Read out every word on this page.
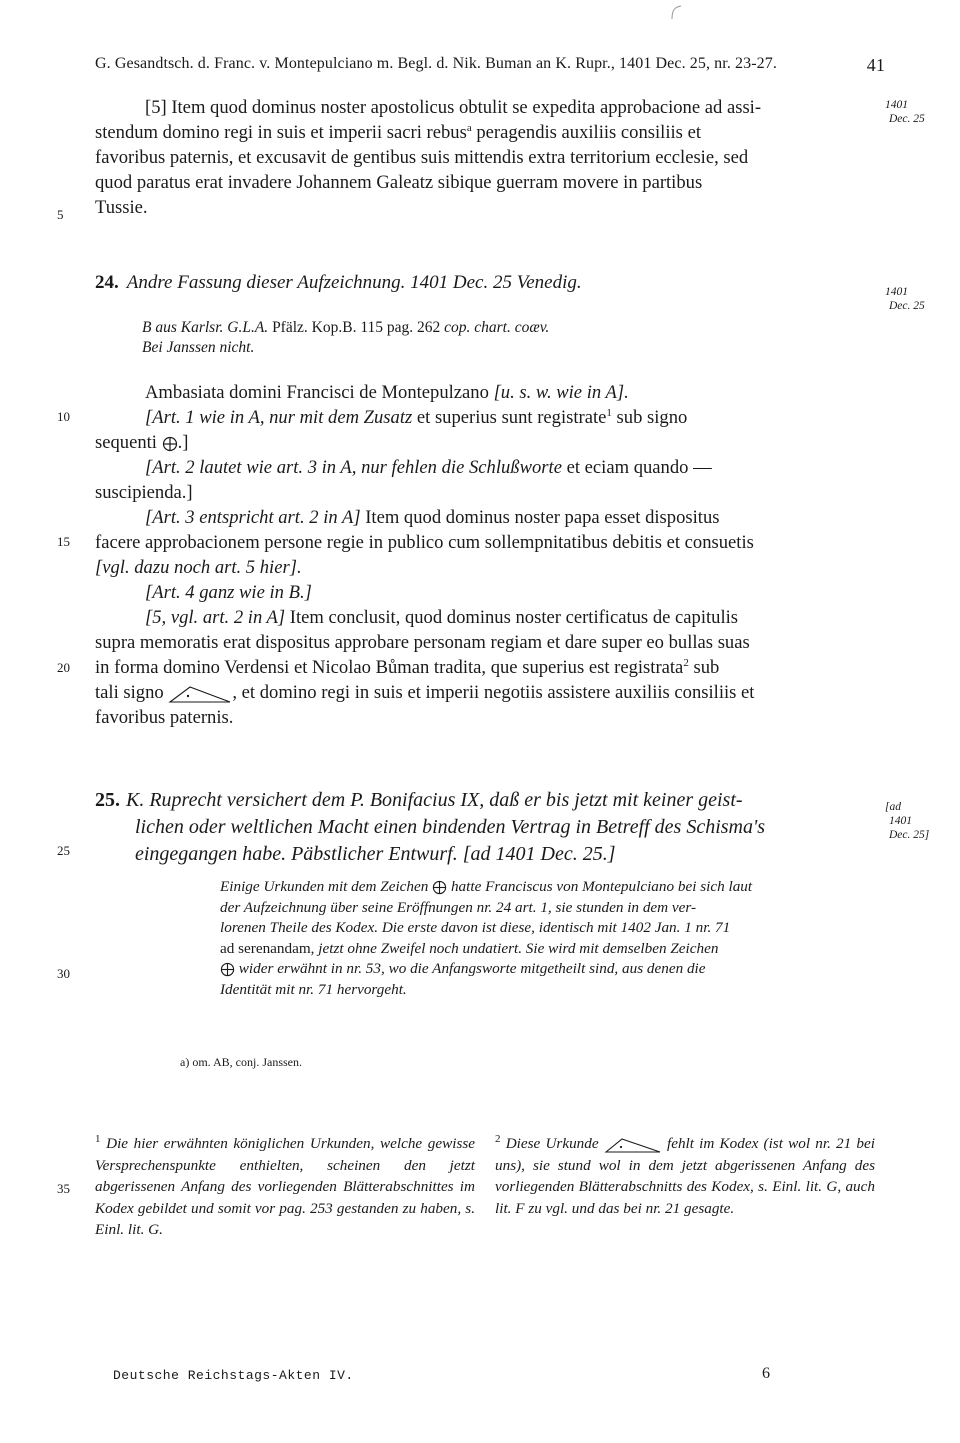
G. Gesandtsch. d. Franc. v. Montepulciano m. Begl. d. Nik. Buman an K. Rupr., 1401 Dec. 25, nr. 23-27.	41

[5] Item quod dominus noster apostolicus obtulit se expedita approbacione ad assi-

stendum domino regi in suis et imperii sacri rebus$^a$ peragendis auxiliis consiliis et

favoribus paternis, et excusavit de gentibus suis mittendis extra territorium ecclesie, sed

quod paratus erat invadere Johannem Galeatz sibique guerram movere in partibus

Tussie.

1401
Dec. 25
24. Andre Fassung dieser Aufzeichnung. 1401 Dec. 25 Venedig.	1401
Dec. 25
B aus Karlsr. G.L.A. Pfälz. Kop.B. 115 pag. 262 cop. chart. coæv.
Bei Janssen nicht.

Ambasiata domini Francisci de Montepulzano [u. s. w. wie in A].

[Art. 1 wie in A, nur mit dem Zusatz et superius sunt registrate$^1$ sub signo

sequenti .]

[Art. 2 lautet wie art. 3 in A, nur fehlen die Schlußworte et eciam quando —

suscipienda.]

[Art. 3 entspricht art. 2 in A] Item quod dominus noster papa esset dispositus

facere approbacionem persone regie in publico cum sollempnitatibus debitis et consuetis

[vgl. dazu noch art. 5 hier].

[Art. 4 ganz wie in B.]

[5, vgl. art. 2 in A] Item conclusit, quod dominus noster certificatus de capitulis

supra memoratis erat dispositus approbare personam regiam et dare super eo bullas suas

in forma domino Verdensi et Nicolao Bůman tradita, que superius est registrata$^2$ sub

tali signo	, et domino regi in suis et imperii negotiis assistere auxiliis consiliis et

favoribus paternis.

25. K. Ruprecht versichert dem P. Bonifacius IX, daß er bis jetzt mit keiner geist-
lichen oder weltlichen Macht einen bindenden Vertrag in Betreff des Schisma's
eingegangen habe. Päbstlicher Entwurf. [ad 1401 Dec. 25.]
[ad
1401
Dec. 25]
Einige Urkunden mit dem Zeichen hatte Franciscus von Montepulciano bei sich laut
der Aufzeichnung über seine Eröffnungen nr. 24 art. 1, sie stunden in dem ver-
lorenen Theile des Kodex. Die erste davon ist diese, identisch mit 1402 Jan. 1 nr. 71
ad serenandam, jetzt ohne Zweifel noch undatiert. Sie wird mit demselben Zeichen
wider erwähnt in nr. 53, wo die Anfangsworte mitgetheilt sind, aus denen die
Identität mit nr. 71 hervorgeht.
a) om. AB, conj. Janssen.
$^1$ Die hier erwähnten königlichen Urkunden, welche gewisse Versprechenspunkte enthielten, scheinen den jetzt abgerissenen Anfang des vorliegenden Blätterabschnittes im Kodex gebildet und somit vor pag. 253 gestanden zu haben, s. Einl. lit. G.
$^2$ Diese Urkunde	fehlt im Kodex (ist wol nr. 21 bei uns), sie stund wol in dem jetzt abgerissenen Anfang des vorliegenden Blätterabschnitts des Kodex, s. Einl. lit. G, auch lit. F zu vgl. und das bei nr. 21 gesagte.
5
10
15
20
25
30
35
Deutsche Reichstags-Akten IV.	6
